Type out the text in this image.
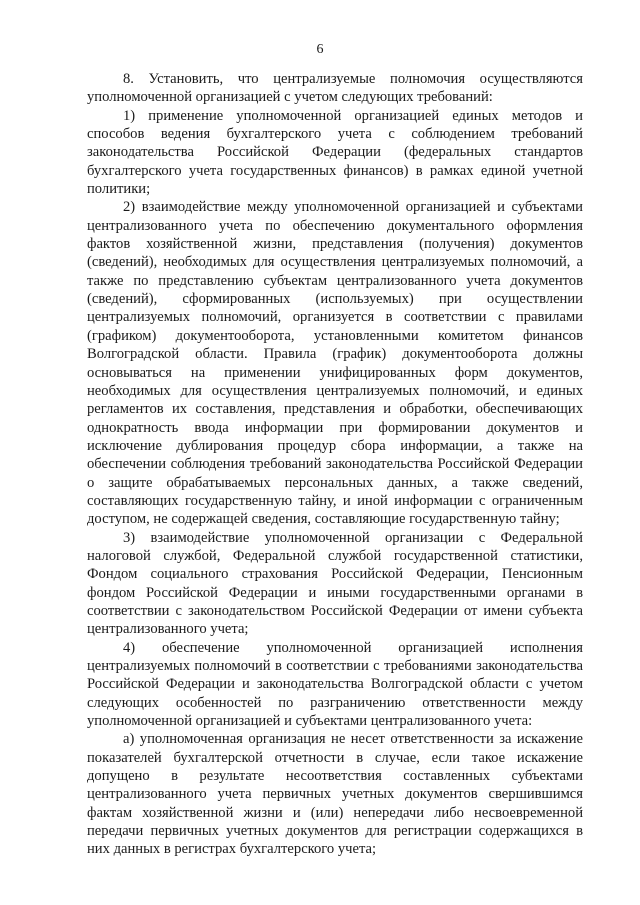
6

8. Установить, что централизуемые полномочия осуществляются уполномоченной организацией с учетом следующих требований:

1) применение уполномоченной организацией единых методов и способов ведения бухгалтерского учета с соблюдением требований законодательства Российской Федерации (федеральных стандартов бухгалтерского учета государственных финансов) в рамках единой учетной политики;

2) взаимодействие между уполномоченной организацией и субъектами централизованного учета по обеспечению документального оформления фактов хозяйственной жизни, представления (получения) документов (сведений), необходимых для осуществления централизуемых полномочий, а также по представлению субъектам централизованного учета документов (сведений), сформированных (используемых) при осуществлении централизуемых полномочий, организуется в соответствии с правилами (графиком) документооборота, установленными комитетом финансов Волгоградской области. Правила (график) документооборота должны основываться на применении унифицированных форм документов, необходимых для осуществления централизуемых полномочий, и единых регламентов их составления, представления и обработки, обеспечивающих однократность ввода информации при формировании документов и исключение дублирования процедур сбора информации, а также на обеспечении соблюдения требований законодательства Российской Федерации о защите обрабатываемых персональных данных, а также сведений, составляющих государственную тайну, и иной информации с ограниченным доступом, не содержащей сведения, составляющие государственную тайну;

3) взаимодействие уполномоченной организации с Федеральной налоговой службой, Федеральной службой государственной статистики, Фондом социального страхования Российской Федерации, Пенсионным фондом Российской Федерации и иными государственными органами в соответствии с законодательством Российской Федерации от имени субъекта централизованного учета;

4) обеспечение уполномоченной организацией исполнения централизуемых полномочий в соответствии с требованиями законодательства Российской Федерации и законодательства Волгоградской области с учетом следующих особенностей по разграничению ответственности между уполномоченной организацией и субъектами централизованного учета:

а) уполномоченная организация не несет ответственности за искажение показателей бухгалтерской отчетности в случае, если такое искажение допущено в результате несоответствия составленных субъектами централизованного учета первичных учетных документов свершившимся фактам хозяйственной жизни и (или) непередачи либо несвоевременной передачи первичных учетных документов для регистрации содержащихся в них данных в регистрах бухгалтерского учета;
